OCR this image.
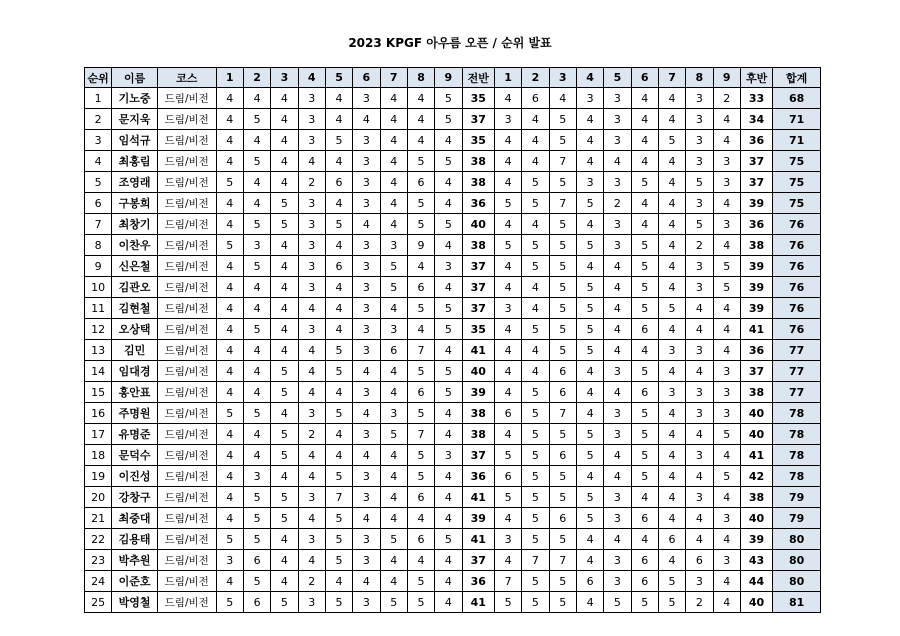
2023 KPGF 아우름 오픈 / 순위 발표
순위	이름	코스	1	2	3	4	5	6	7	8	9	전반	1	2	3	4	5	6	7	8	9	후반	합계
1	기노중	드림/비전	4	4	4	3	4	3	4	4	5	35	4	6	4	3	3	4	4	3	2	33	68
2	문지욱	드림/비전	4	5	4	3	4	4	4	4	5	37	3	4	5	4	3	4	4	3	4	34	71
3	임석규	드림/비전	4	4	4	3	5	3	4	4	4	35	4	4	5	4	3	4	5	3	4	36	71
4	최홍림	드림/비전	4	5	4	4	4	3	4	5	5	38	4	4	7	4	4	4	4	3	3	37	75
5	조영래	드림/비전	5	4	4	2	6	3	4	6	4	38	4	5	5	3	3	5	4	5	3	37	75
6	구봉희	드림/비전	4	4	5	3	4	3	4	5	4	36	5	5	7	5	2	4	4	3	4	39	75
7	최창기	드림/비전	4	5	5	3	5	4	4	5	5	40	4	4	5	4	3	4	4	5	3	36	76
8	이찬우	드림/비전	5	3	4	3	4	3	3	9	4	38	5	5	5	5	3	5	4	2	4	38	76
9	신은철	드림/비전	4	5	4	3	6	3	5	4	3	37	4	5	5	4	4	5	4	3	5	39	76
10	김관오	드림/비전	4	4	4	3	4	3	5	6	4	37	4	4	5	5	4	5	4	3	5	39	76
11	김현철	드림/비전	4	4	4	4	4	3	4	5	5	37	3	4	5	5	4	5	5	4	4	39	76
12	오상택	드림/비전	4	5	4	3	4	3	3	4	5	35	4	5	5	5	4	6	4	4	4	41	76
13	김민	드림/비전	4	4	4	4	5	3	6	7	4	41	4	4	5	5	4	4	3	3	4	36	77
14	임대경	드림/비전	4	4	5	4	5	4	4	5	5	40	4	4	6	4	3	5	4	4	3	37	77
15	홍안표	드림/비전	4	4	5	4	4	3	4	6	5	39	4	5	6	4	4	6	3	3	3	38	77
16	주명원	드림/비전	5	5	4	3	5	4	3	5	4	38	6	5	7	4	3	5	4	3	3	40	78
17	유명준	드림/비전	4	4	5	2	4	3	5	7	4	38	4	5	5	5	3	5	4	4	5	40	78
18	문덕수	드림/비전	4	4	5	4	4	4	4	5	3	37	5	5	6	5	4	5	4	3	4	41	78
19	이진성	드림/비전	4	3	4	4	5	3	4	5	4	36	6	5	5	4	4	5	4	4	5	42	78
20	강창구	드림/비전	4	5	5	3	7	3	4	6	4	41	5	5	5	5	3	4	4	3	4	38	79
21	최중대	드림/비전	4	5	5	4	5	4	4	4	4	39	4	5	6	5	3	6	4	4	3	40	79
22	김용태	드림/비전	5	5	4	3	5	3	5	6	5	41	3	5	5	4	4	4	6	4	4	39	80
23	박추원	드림/비전	3	6	4	4	5	3	4	4	4	37	4	7	7	4	3	6	4	6	3	43	80
24	이준호	드림/비전	4	5	4	2	4	4	4	5	4	36	7	5	5	6	3	6	5	3	4	44	80
25	박영철	드림/비전	5	6	5	3	5	3	5	5	4	41	5	5	5	4	5	5	5	2	4	40	81
